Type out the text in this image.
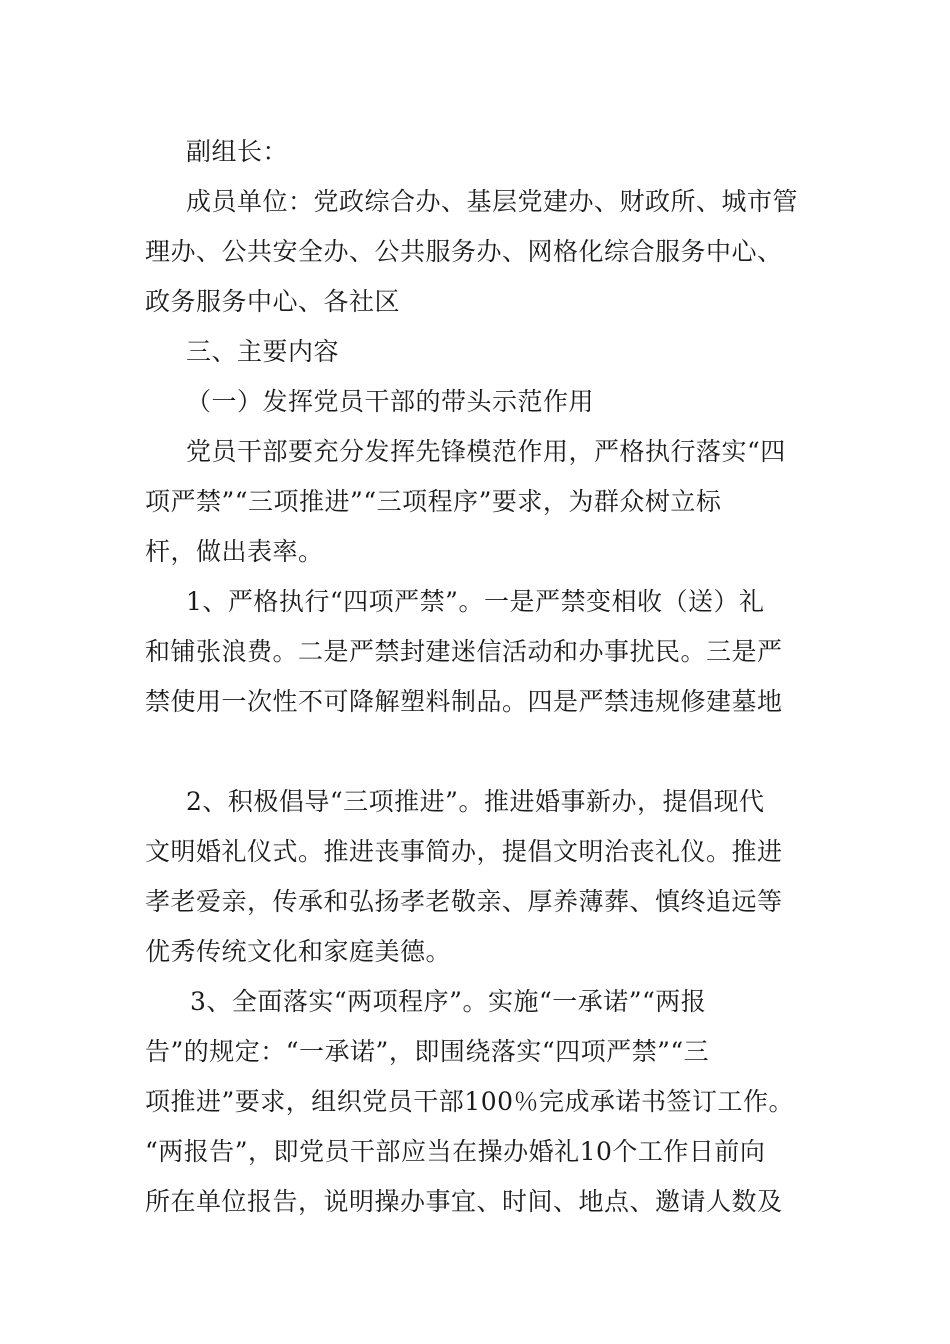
副组长：
成员单位：党政综合办、基层党建办、财政所、城市管
理办、公共安全办、公共服务办、网格化综合服务中心、
政务服务中心、各社区
三、主要内容
（一）发挥党员干部的带头示范作用
党员干部要充分发挥先锋模范作用，严格执行落实“四
项严禁”“三项推进”“三项程序”要求，为群众树立标
杆，做出表率。
1、严格执行“四项严禁”。一是严禁变相收（送）礼
和铺张浪费。二是严禁封建迷信活动和办事扰民。三是严
禁使用一次性不可降解塑料制品。四是严禁违规修建墓地
2、积极倡导“三项推进”。推进婚事新办，提倡现代
文明婚礼仪式。推进丧事简办，提倡文明治丧礼仪。推进
孝老爱亲，传承和弘扬孝老敬亲、厚养薄葬、慎终追远等
优秀传统文化和家庭美德。
3、全面落实“两项程序”。实施“一承诺”“两报
告”的规定：“一承诺”，即围绕落实“四项严禁”“三
项推进”要求，组织党员干部100％完成承诺书签订工作。
“两报告”，即党员干部应当在操办婚礼10个工作日前向
所在单位报告，说明操办事宜、时间、地点、邀请人数及
